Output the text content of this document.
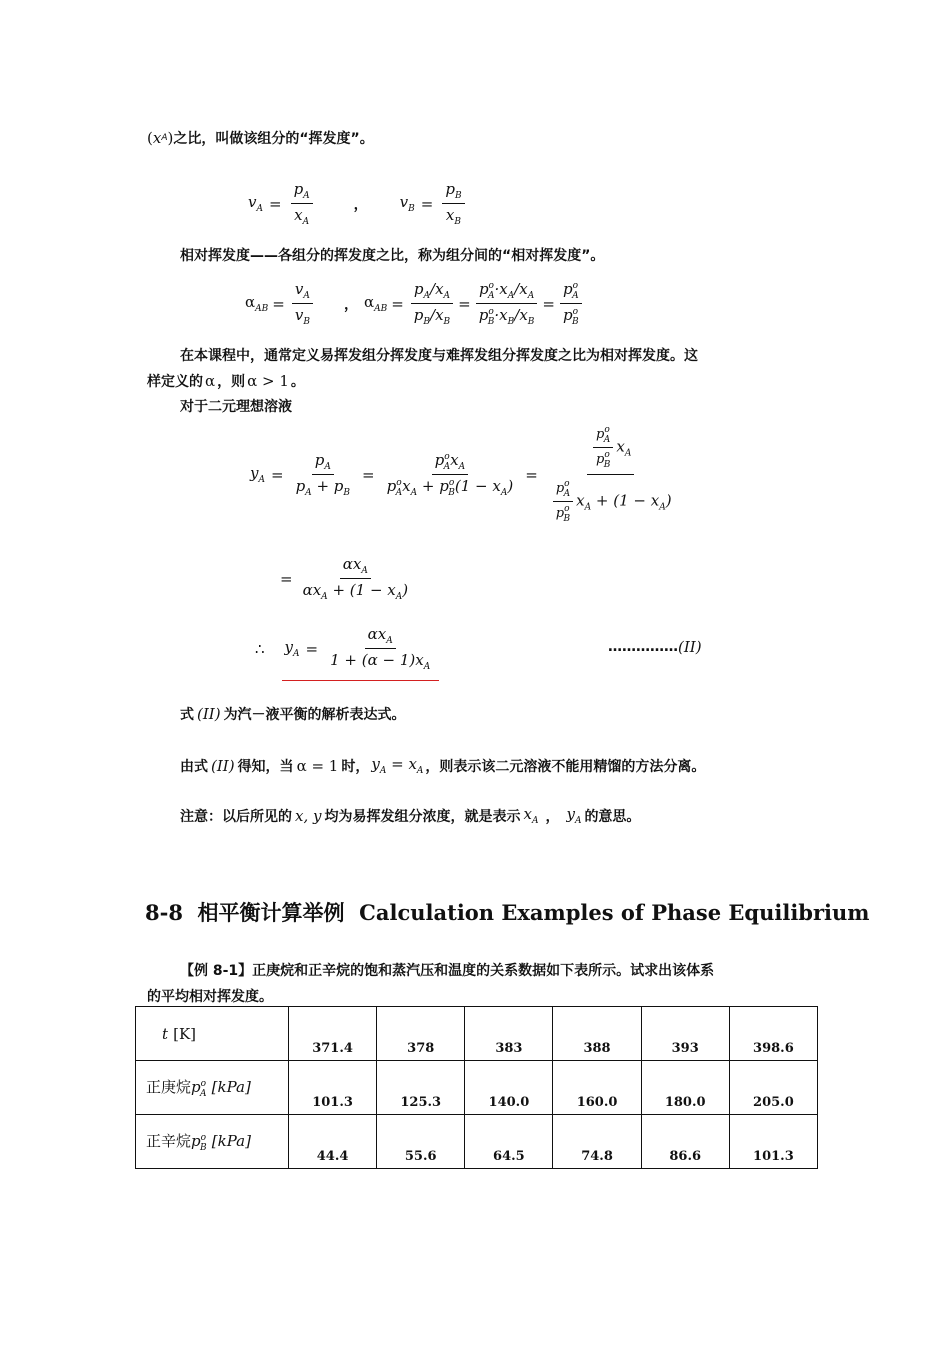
( x A ) 之比，叫做该组分的“挥发度”。
$v_A = \frac{p_A}{x_A}$	， $v_B = \frac{p_B}{x_B}$
相对挥发度——各组分的挥发度之比，称为组分间的“相对挥发度”。
$\alpha_{AB} = \frac{v_A}{v_B}$ ， $\alpha_{AB} = \frac{p_A/x_A}{p_B/x_B} = \frac{p^o_A\cdot x_A/x_A}{p^o_B\cdot x_B/x_B} = \frac{p^o_A}{p^o_B}$
在本课程中，通常定义易挥发组分挥发度与难挥发组分挥发度之比为相对挥发度。这
样定义的 α ，则 α > 1 。
对于二元理想溶液
$y_A = \frac{p_A}{p_A + p_B} = \frac{p^o_Ax_A}{p^o_Ax_A + p^o_B(1 - x_A)} = \frac{\frac{p^o_A}{p^o_B} x_A}{\frac{p^o_A}{p^o_B} x_A + (1 - x_A)}$
= $\frac{\alpha x_A}{\alpha x_A + (1 - x_A)}$
∴ $y_A = \frac{\alpha x_A}{1 + (\alpha - 1)x_A}$	…………… (II)
式 (II) 为汽－液平衡的解析表达式。
由式 (II) 得知，当 α = 1 时， $y_A = x_A$ ，则表示该二元溶液不能用精馏的方法分离。
注意：以后所见的 x, y 均为易挥发组分浓度，就是表示 $x_A$ ， $y_A$ 的意思。
8-8  相平衡计算举例  Calculation Examples of Phase Equilibrium
【例 8-1】正庚烷和正辛烷的饱和蒸汽压和温度的关系数据如下表所示。试求出该体系
的平均相对挥发度。
t [K]	371.4	378	383	388	393	398.6
正庚烷$p^o_A$ [kPa]	101.3	125.3	140.0	160.0	180.0	205.0
正辛烷$p^o_B$ [kPa]	44.4	55.6	64.5	74.8	86.6	101.3
